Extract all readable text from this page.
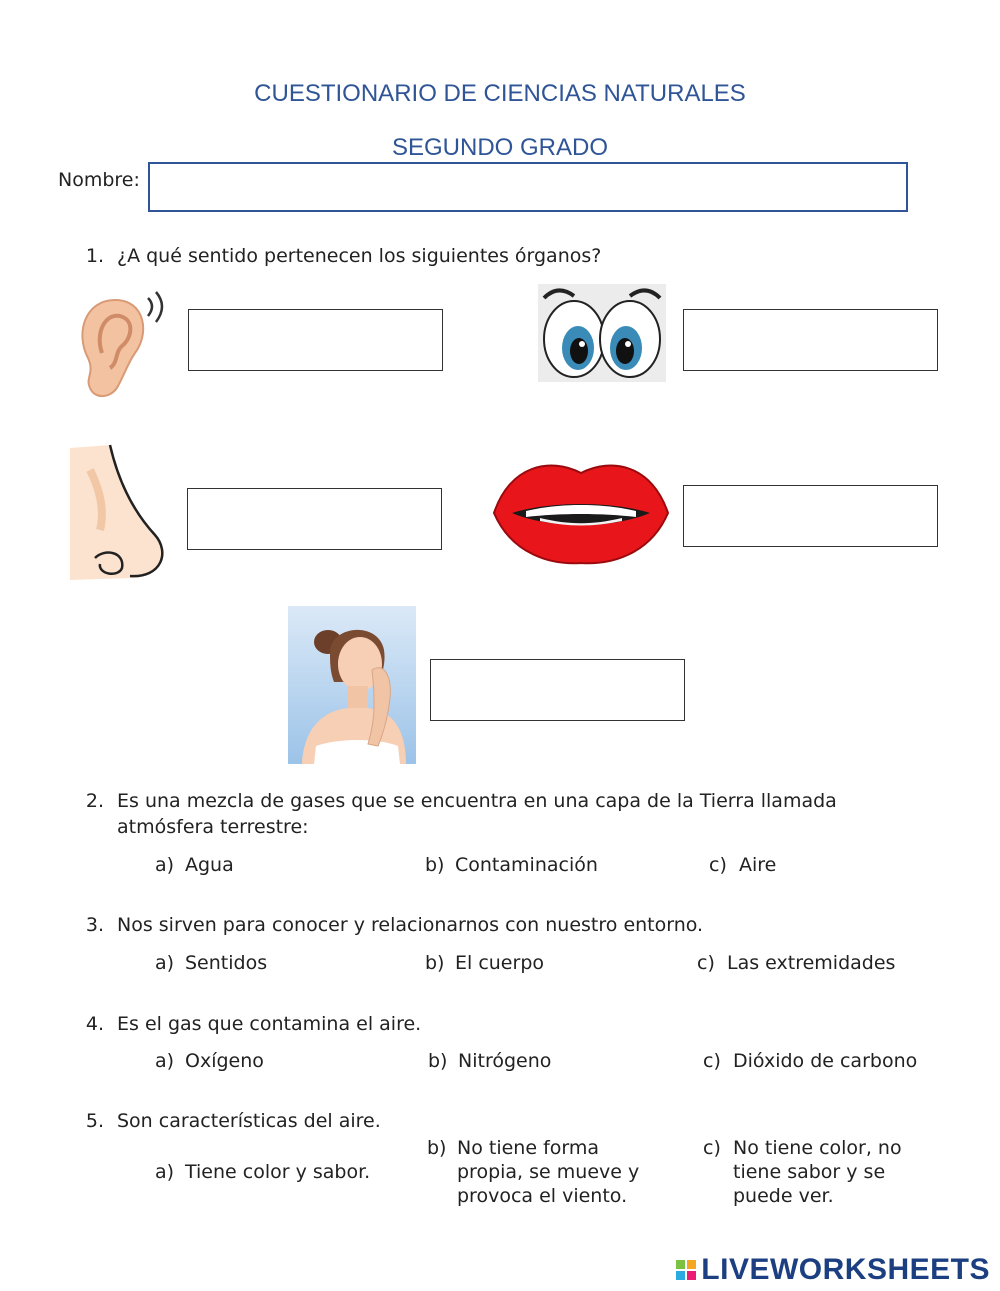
CUESTIONARIO DE CIENCIAS NATURALES
SEGUNDO GRADO
Nombre:
1. ¿A qué sentido pertenecen los siguientes órganos?
2. Es una mezcla de gases que se encuentra en una capa de la Tierra llamada
atmósfera terrestre:
a) Agua	b) Contaminación	c) Aire
3. Nos sirven para conocer y relacionarnos con nuestro entorno.
a) Sentidos	b) El cuerpo	c) Las extremidades
4. Es el gas que contamina el aire.
a) Oxígeno	b) Nitrógeno	c) Dióxido de carbono
5. Son características del aire.
a) Tiene color y sabor.
b) No tiene forma
propia, se mueve y
provoca el viento.
c) No tiene color, no
tiene sabor y se
puede ver.

LIVEWORKSHEETS
